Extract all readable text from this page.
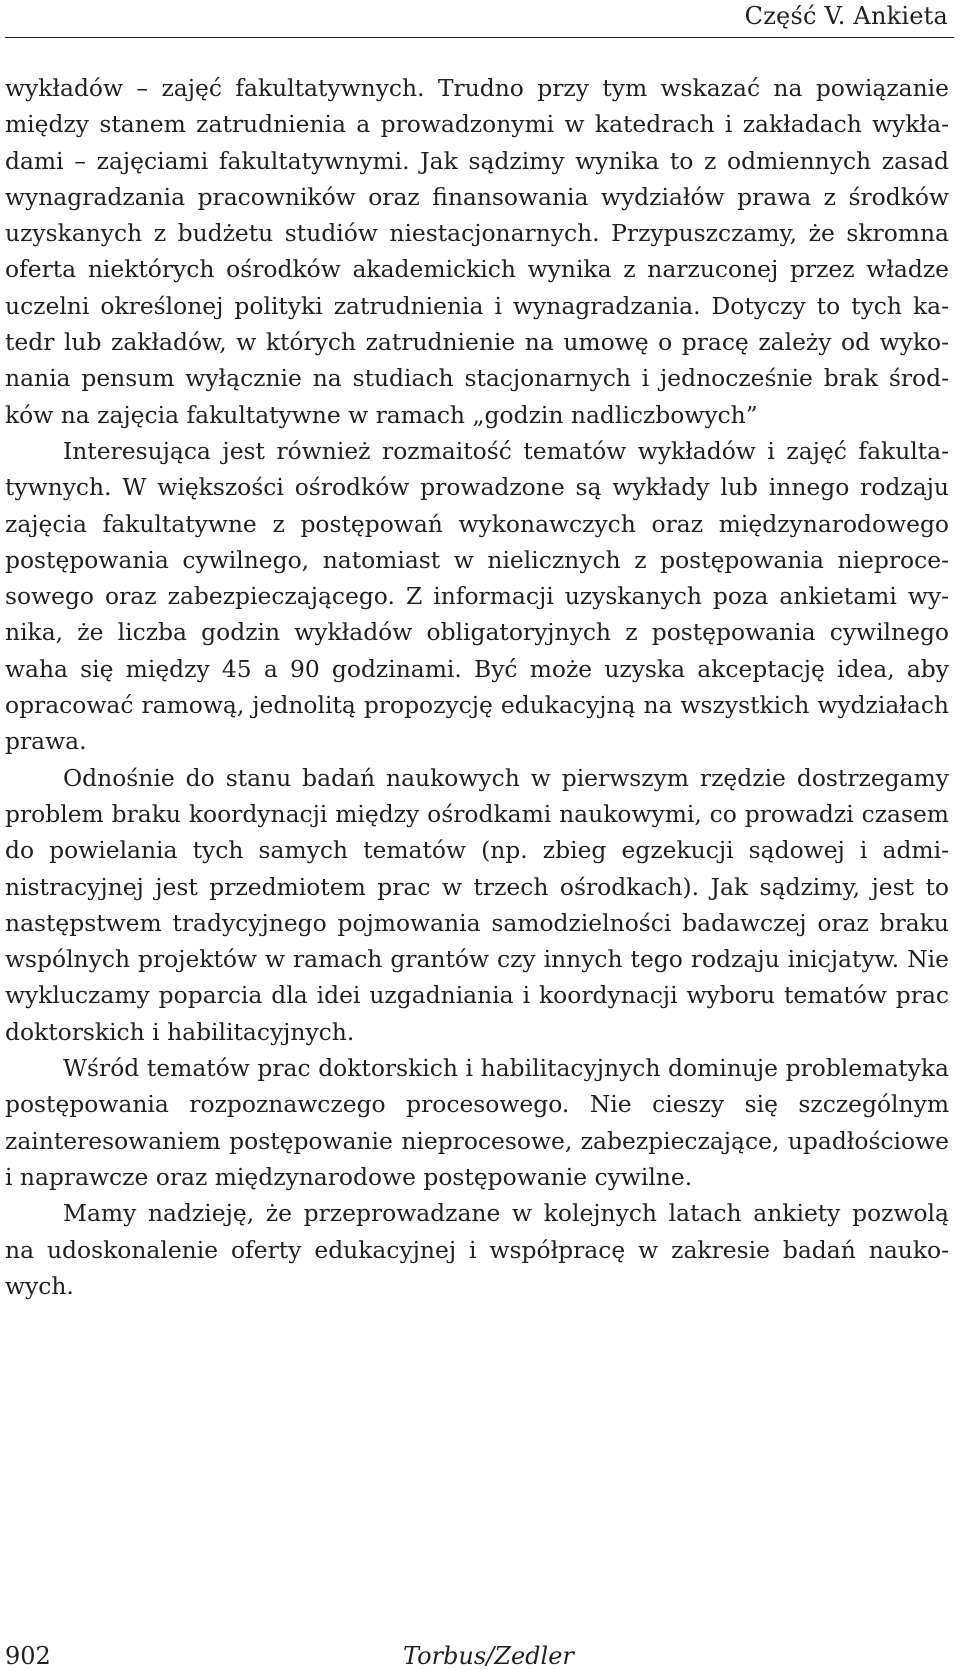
Część V. Ankieta

wykładów – zajęć fakultatywnych. Trudno przy tym wskazać na powiązanie między stanem zatrudnienia a prowadzonymi w katedrach i zakładach wykładami – zajęciami fakultatywnymi. Jak sądzimy wynika to z odmiennych zasad wynagradzania pracowników oraz finansowania wydziałów prawa z środków uzyskanych z budżetu studiów niestacjonarnych. Przypuszczamy, że skromna oferta niektórych ośrodków akademickich wynika z narzuconej przez władze uczelni określonej polityki zatrudnienia i wynagradzania. Dotyczy to tych katedr lub zakładów, w których zatrudnienie na umowę o pracę zależy od wykonania pensum wyłącznie na studiach stacjonarnych i jednocześnie brak środków na zajęcia fakultatywne w ramach „godzin nadliczbowych”

Interesująca jest również rozmaitość tematów wykładów i zajęć fakultatywnych. W większości ośrodków prowadzone są wykłady lub innego rodzaju zajęcia fakultatywne z postępowań wykonawczych oraz międzynarodowego postępowania cywilnego, natomiast w nielicznych z postępowania nieprocesowego oraz zabezpieczającego. Z informacji uzyskanych poza ankietami wynika, że liczba godzin wykładów obligatoryjnych z postępowania cywilnego waha się między 45 a 90 godzinami. Być może uzyska akceptację idea, aby opracować ramową, jednolitą propozycję edukacyjną na wszystkich wydziałach prawa.

Odnośnie do stanu badań naukowych w pierwszym rzędzie dostrzegamy problem braku koordynacji między ośrodkami naukowymi, co prowadzi czasem do powielania tych samych tematów (np. zbieg egzekucji sądowej i administracyjnej jest przedmiotem prac w trzech ośrodkach). Jak sądzimy, jest to następstwem tradycyjnego pojmowania samodzielności badawczej oraz braku wspólnych projektów w ramach grantów czy innych tego rodzaju inicjatyw. Nie wykluczamy poparcia dla idei uzgadniania i koordynacji wyboru tematów prac doktorskich i habilitacyjnych.

Wśród tematów prac doktorskich i habilitacyjnych dominuje problematyka postępowania rozpoznawczego procesowego. Nie cieszy się szczególnym zainteresowaniem postępowanie nieprocesowe, zabezpieczające, upadłościowe i naprawcze oraz międzynarodowe postępowanie cywilne.

Mamy nadzieję, że przeprowadzane w kolejnych latach ankiety pozwolą na udoskonalenie oferty edukacyjnej i współpracę w zakresie badań naukowych.

902	Torbus/Zedler
